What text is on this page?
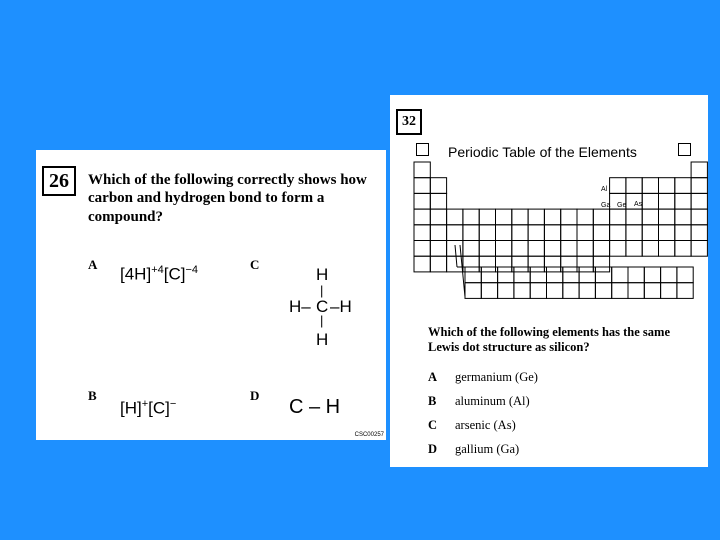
26	Which of the following correctly shows how carbon and hydrogen bond to form a compound?
A
$[4H]^{+4}[C]^{-4}$	C
H
|
H– C –H
|
H
B
[H]+[C]−
D
C – H
CSC00257
32
Periodic Table of the Elements
Al
Ga Ge As
Which of the following elements has the same Lewis dot structure as silicon?
A germanium (Ge)
B aluminum (Al)
C arsenic (As)
D gallium (Ga)
